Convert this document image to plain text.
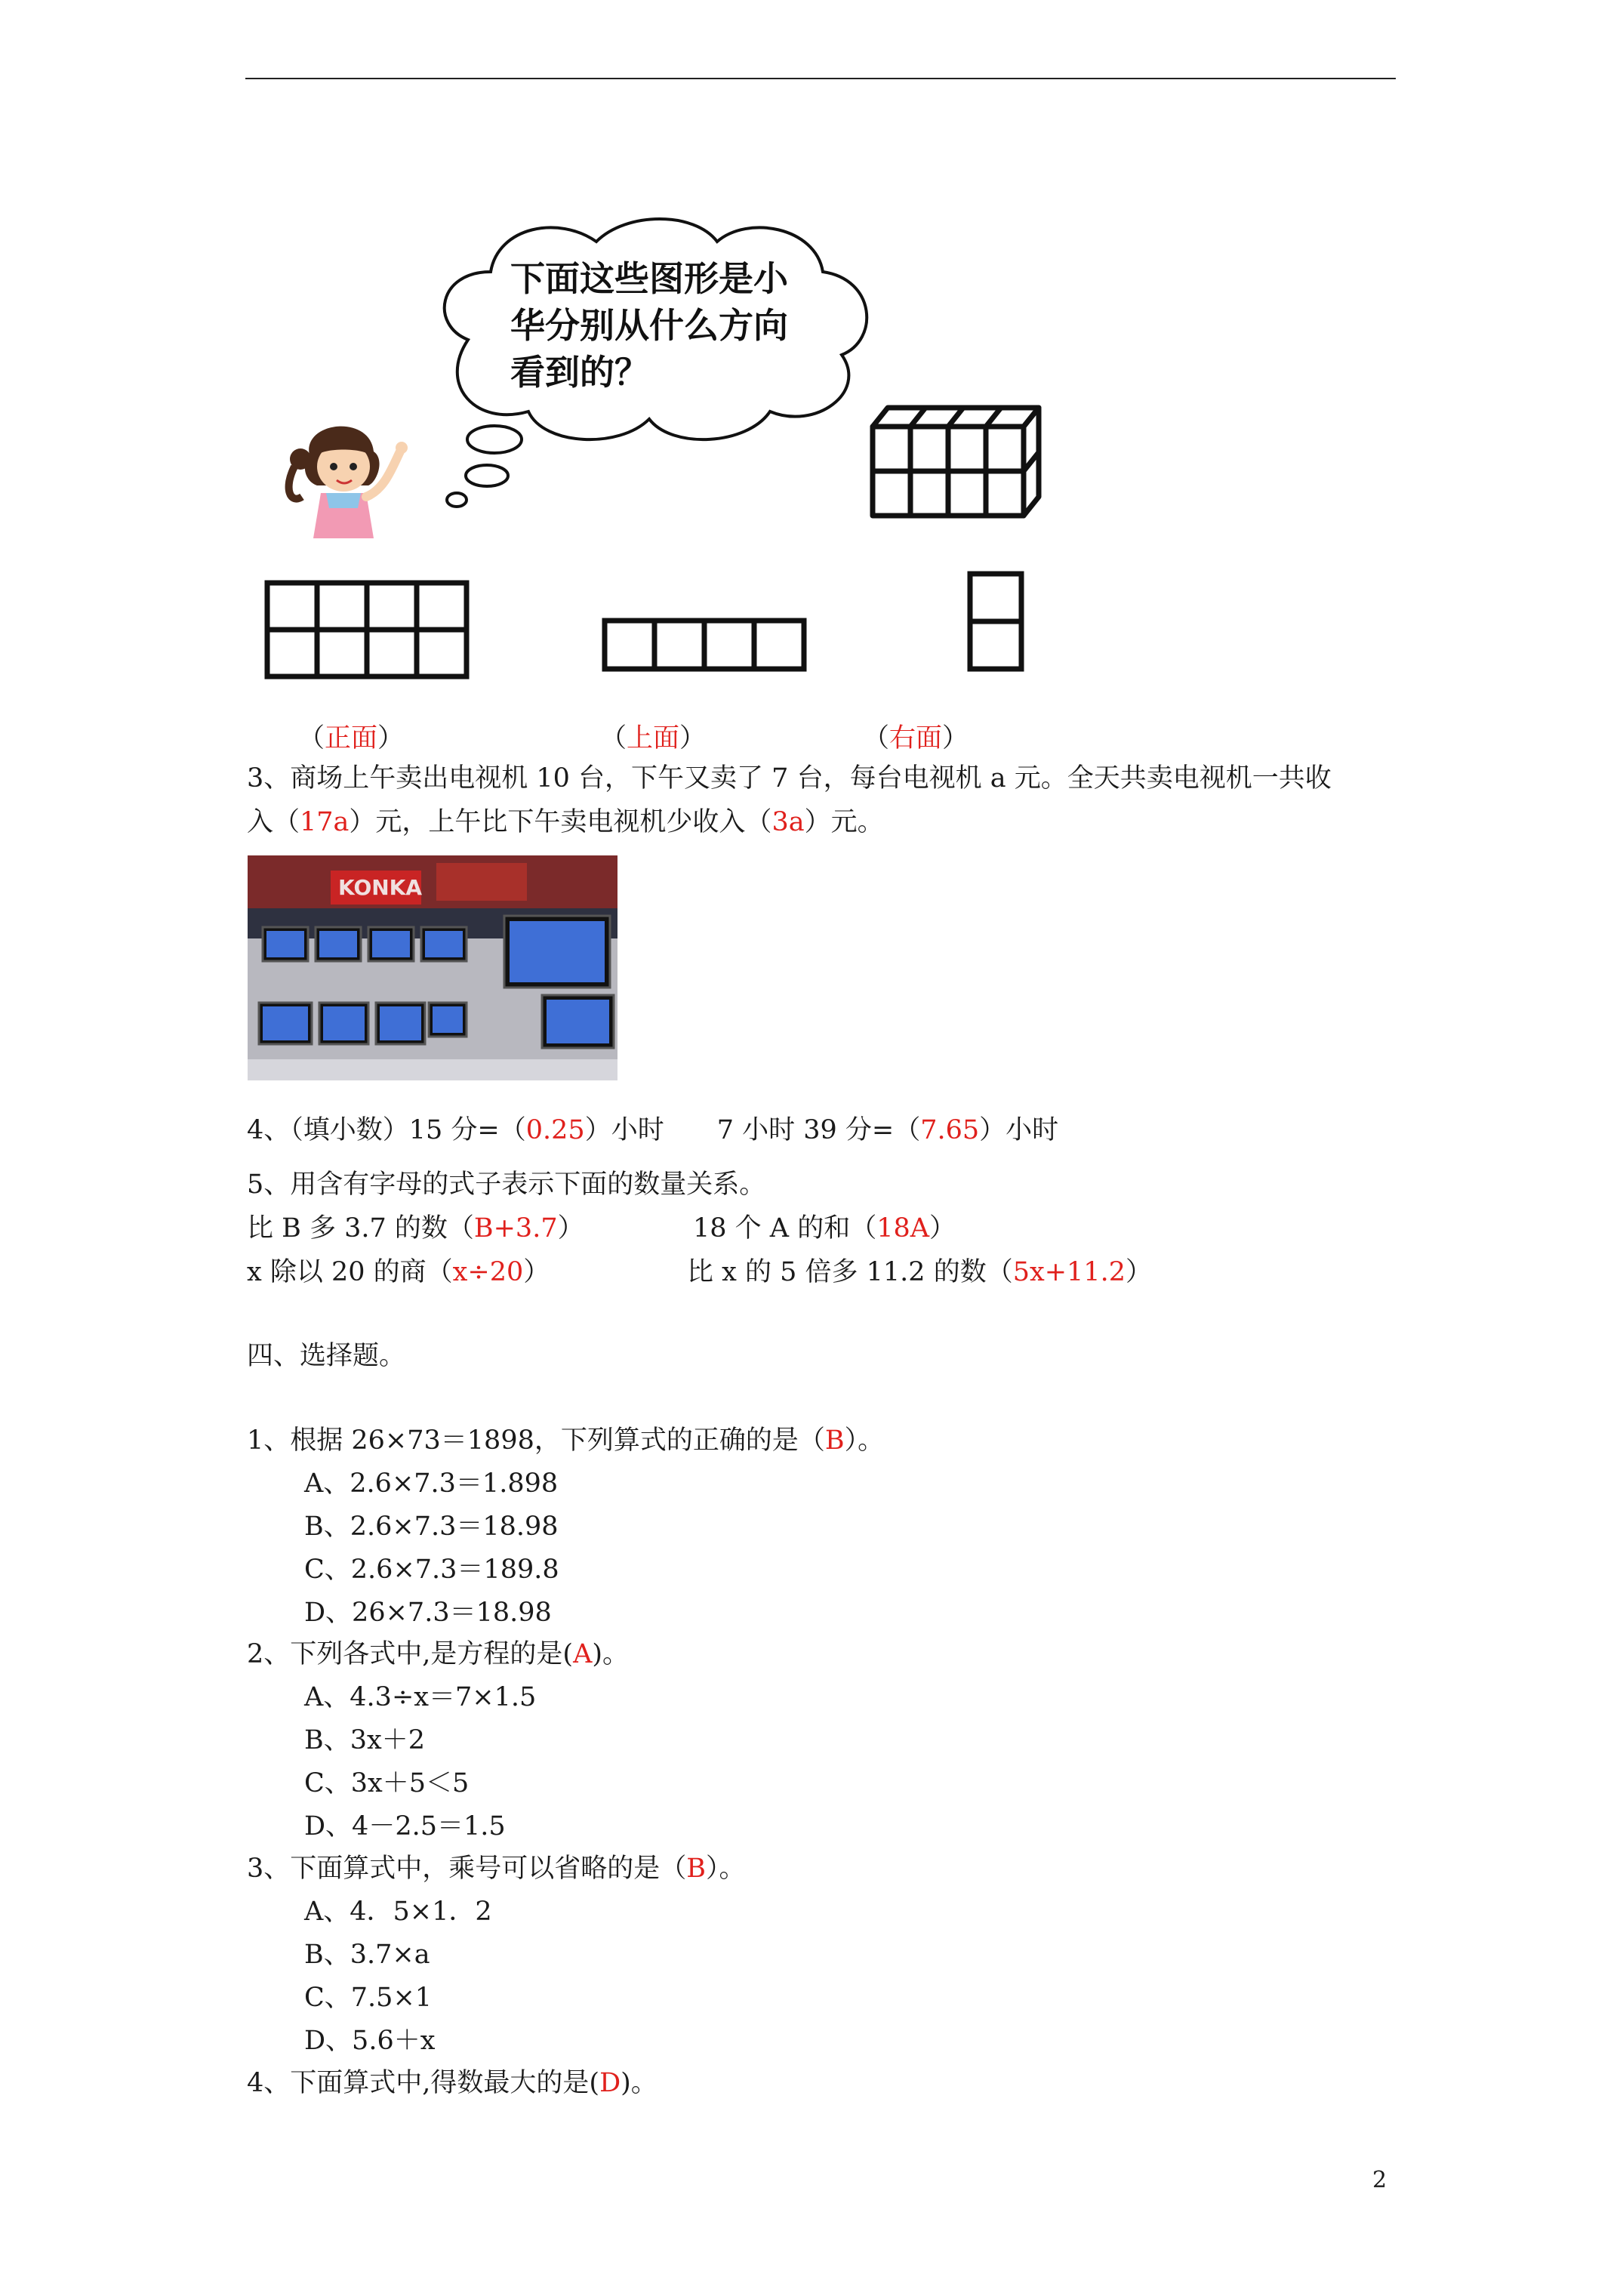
下面这些图形是小华分别从什么方向看到的？
（正面）	（上面）	（右面）
3、商场上午卖出电视机 10 台，下午又卖了 7 台，每台电视机 a 元。全天共卖电视机一共收
入（17a）元，上午比下午卖电视机少收入（3a）元。
KONKA
4、（填小数）15 分=（0.25）小时　　7 小时 39 分=（7.65）小时
5、用含有字母的式子表示下面的数量关系。
比 B 多 3.7 的数（B+3.7）	18 个 A 的和（18A）
x 除以 20 的商（x÷20）	比 x 的 5 倍多 11.2 的数（5x+11.2）
四、选择题。
1、根据 26×73＝1898，下列算式的正确的是（B）。
A、2.6×7.3＝1.898
B、2.6×7.3＝18.98
C、2.6×7.3＝189.8
D、26×7.3＝18.98
2、下列各式中,是方程的是(A)。
A、4.3÷x＝7×1.5
B、3x＋2
C、3x＋5＜5
D、4－2.5＝1.5
3、下面算式中，乘号可以省略的是（B）。
A、4．5×1．2
B、3.7×a
C、7.5×1
D、5.6＋x
4、下面算式中,得数最大的是(D)。
2
